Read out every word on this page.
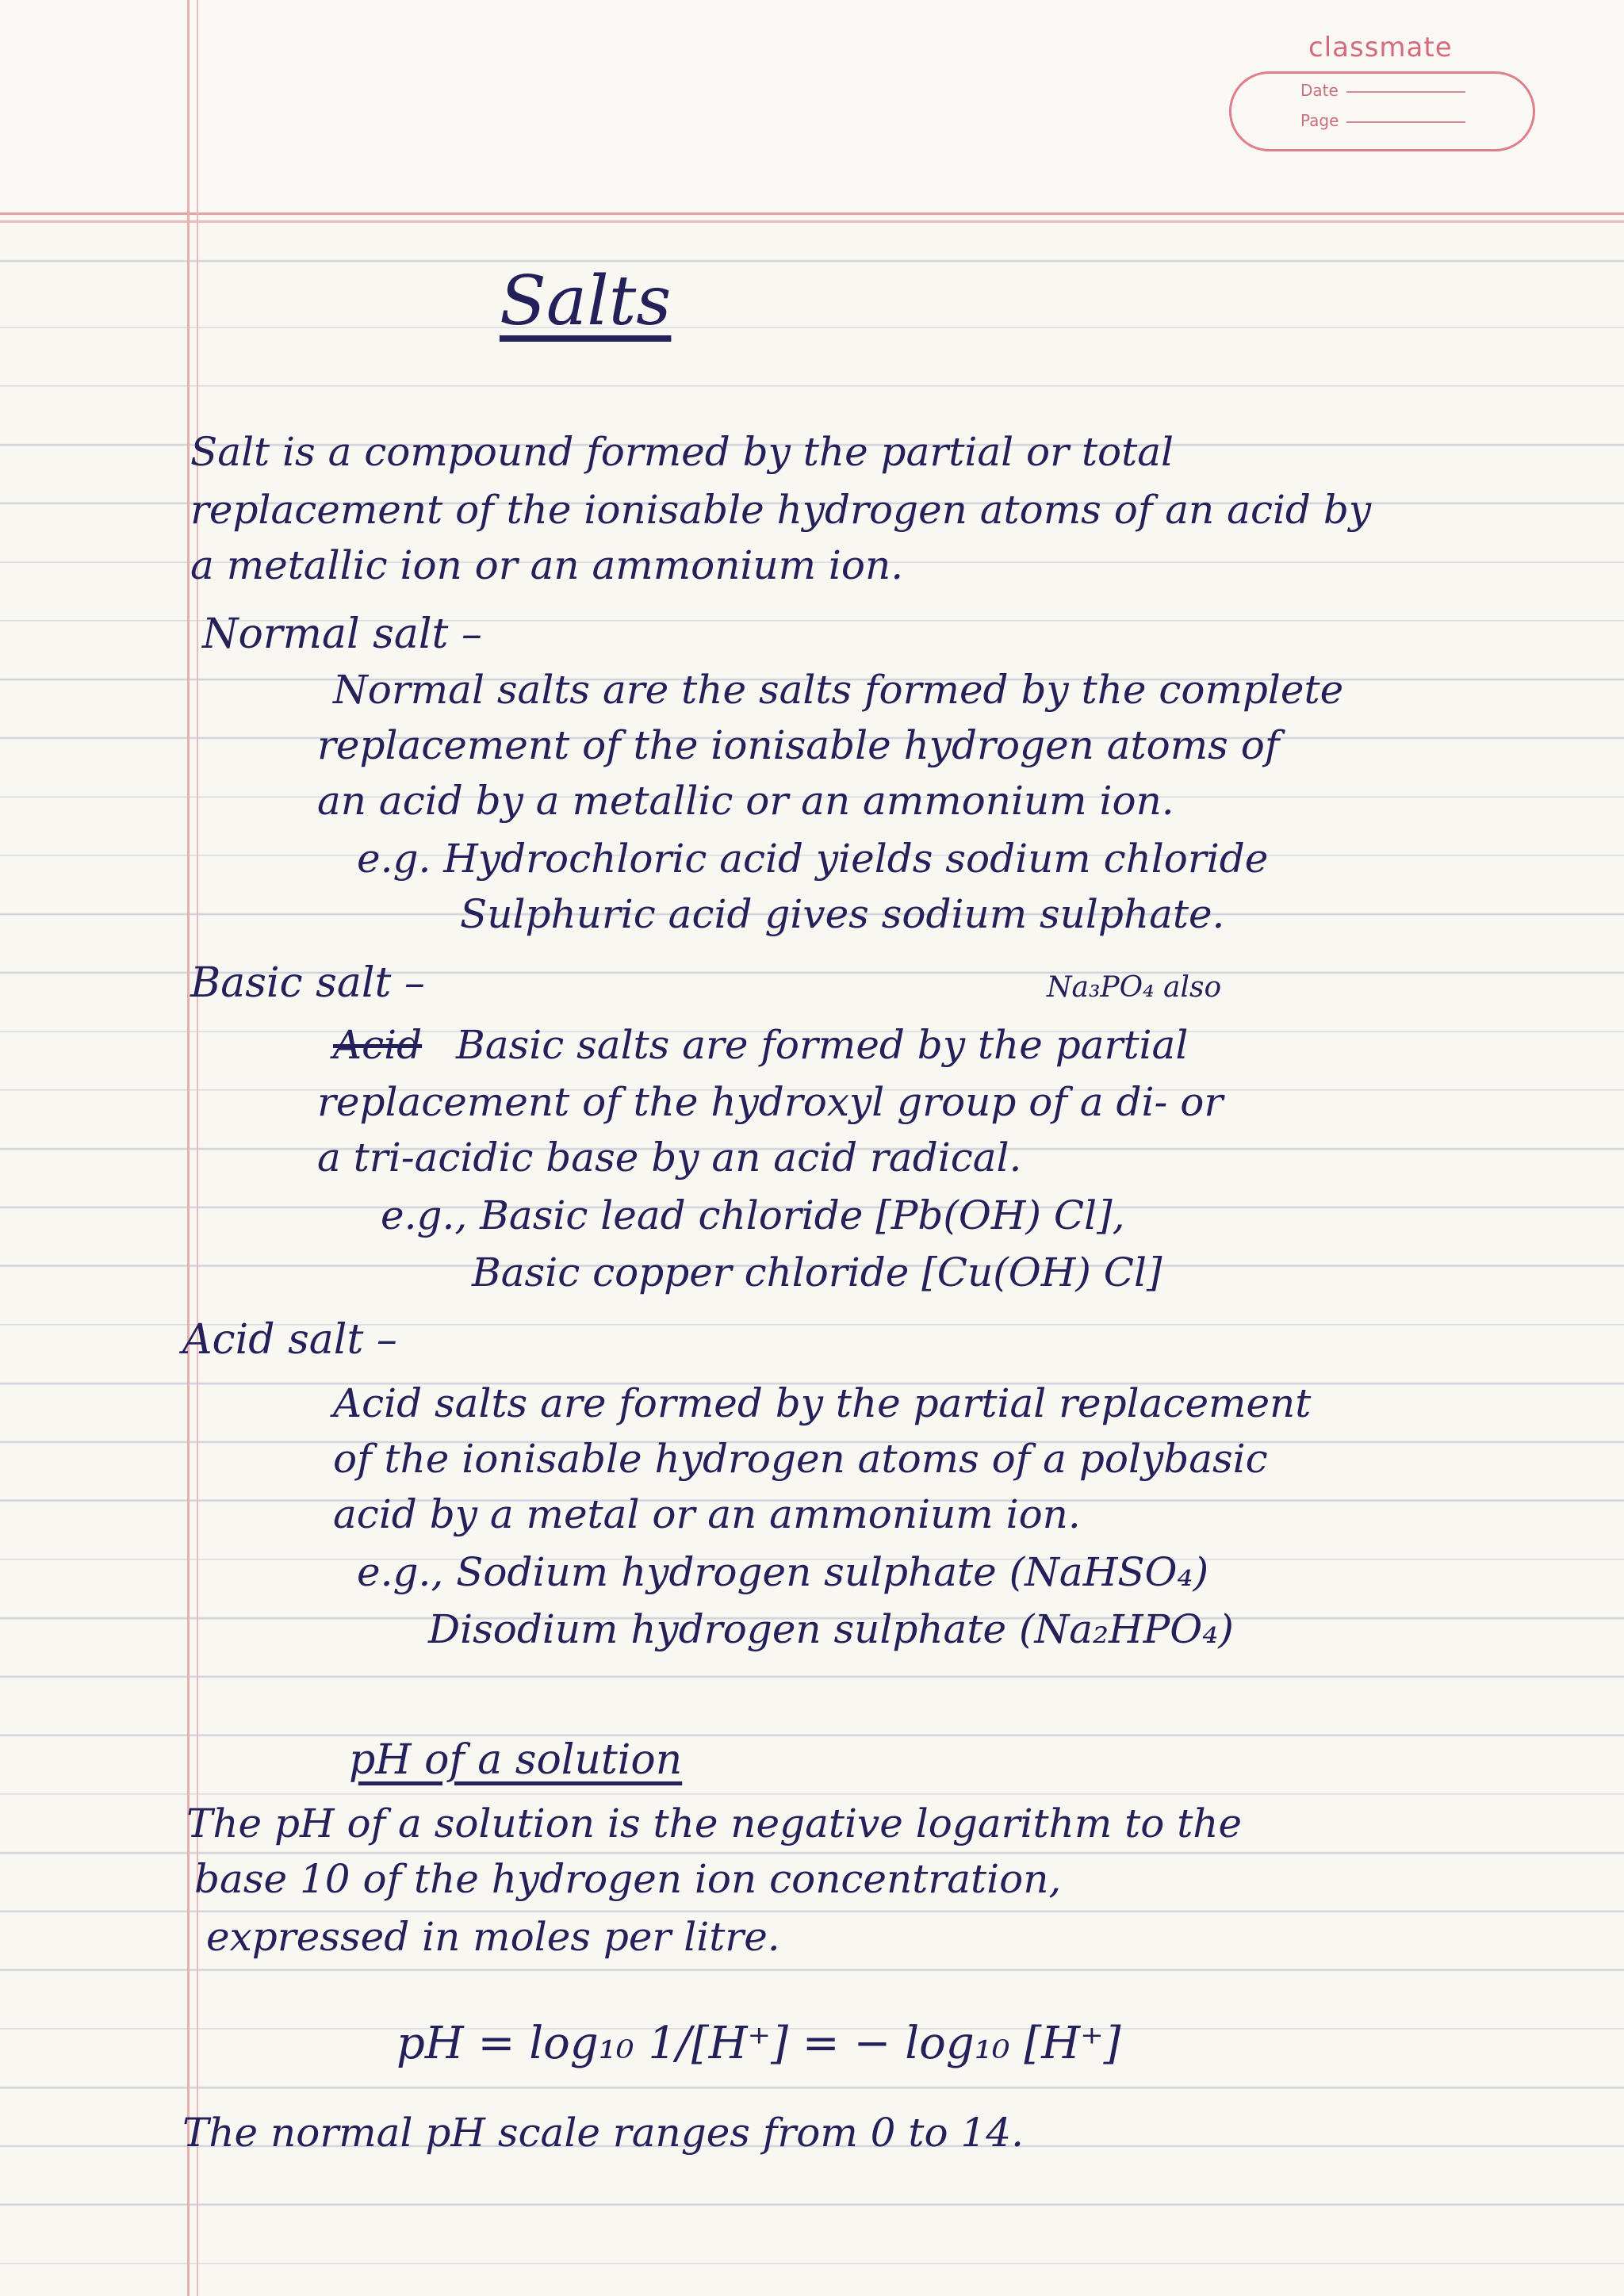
classmate
Date
Page
Salts
Salt is a compound formed by the partial or total
replacement of the ionisable hydrogen atoms of an acid by
a metallic ion or an ammonium ion.
Normal salt –
Normal salts are the salts formed by the complete
replacement of the ionisable hydrogen atoms of
an acid by a metallic or an ammonium ion.
e.g. Hydrochloric acid yields sodium chloride
Sulphuric acid gives sodium sulphate.
Na₃PO₄ also
Basic salt –
Acid Basic salts are formed by the partial
replacement of the hydroxyl group of a di- or
a tri-acidic base by an acid radical.
e.g., Basic lead chloride [Pb(OH) Cl],
Basic copper chloride [Cu(OH) Cl]
Acid salt –
Acid salts are formed by the partial replacement
of the ionisable hydrogen atoms of a polybasic
acid by a metal or an ammonium ion.
e.g., Sodium hydrogen sulphate (NaHSO₄)
Disodium hydrogen sulphate (Na₂HPO₄)
pH of a solution
The pH of a solution is the negative logarithm to the
base 10 of the hydrogen ion concentration,
expressed in moles per litre.
pH = log₁₀ 1/[H⁺] = − log₁₀ [H⁺]
The normal pH scale ranges from 0 to 14.
